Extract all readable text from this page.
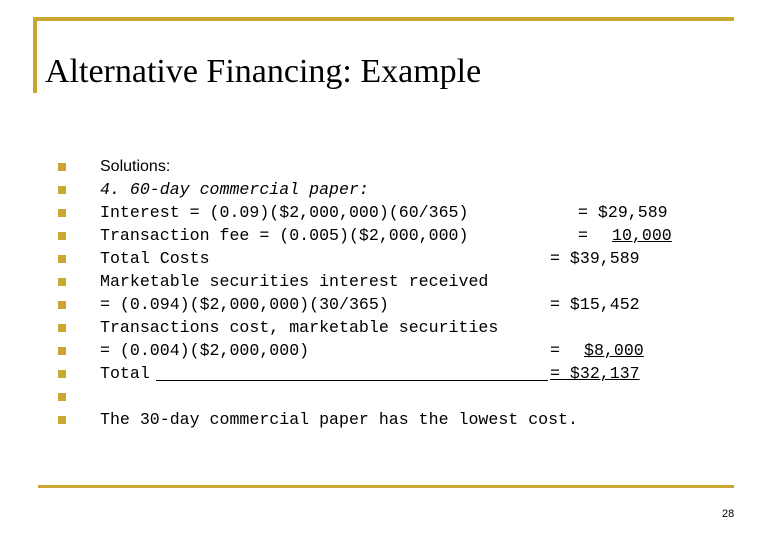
Alternative Financing: Example
Solutions:
4. 60-day commercial paper:
Interest = (0.09)($2,000,000)(60/365)	= $29,589
Transaction fee = (0.005)($2,000,000)	= 10,000
Total Costs	= $39,589
Marketable securities interest received
= (0.094)($2,000,000)(30/365)	= $15,452
Transactions cost, marketable securities
= (0.004)($2,000,000)	= $8,000
Total	= $32,137
The 30-day commercial paper has the lowest cost.
28
